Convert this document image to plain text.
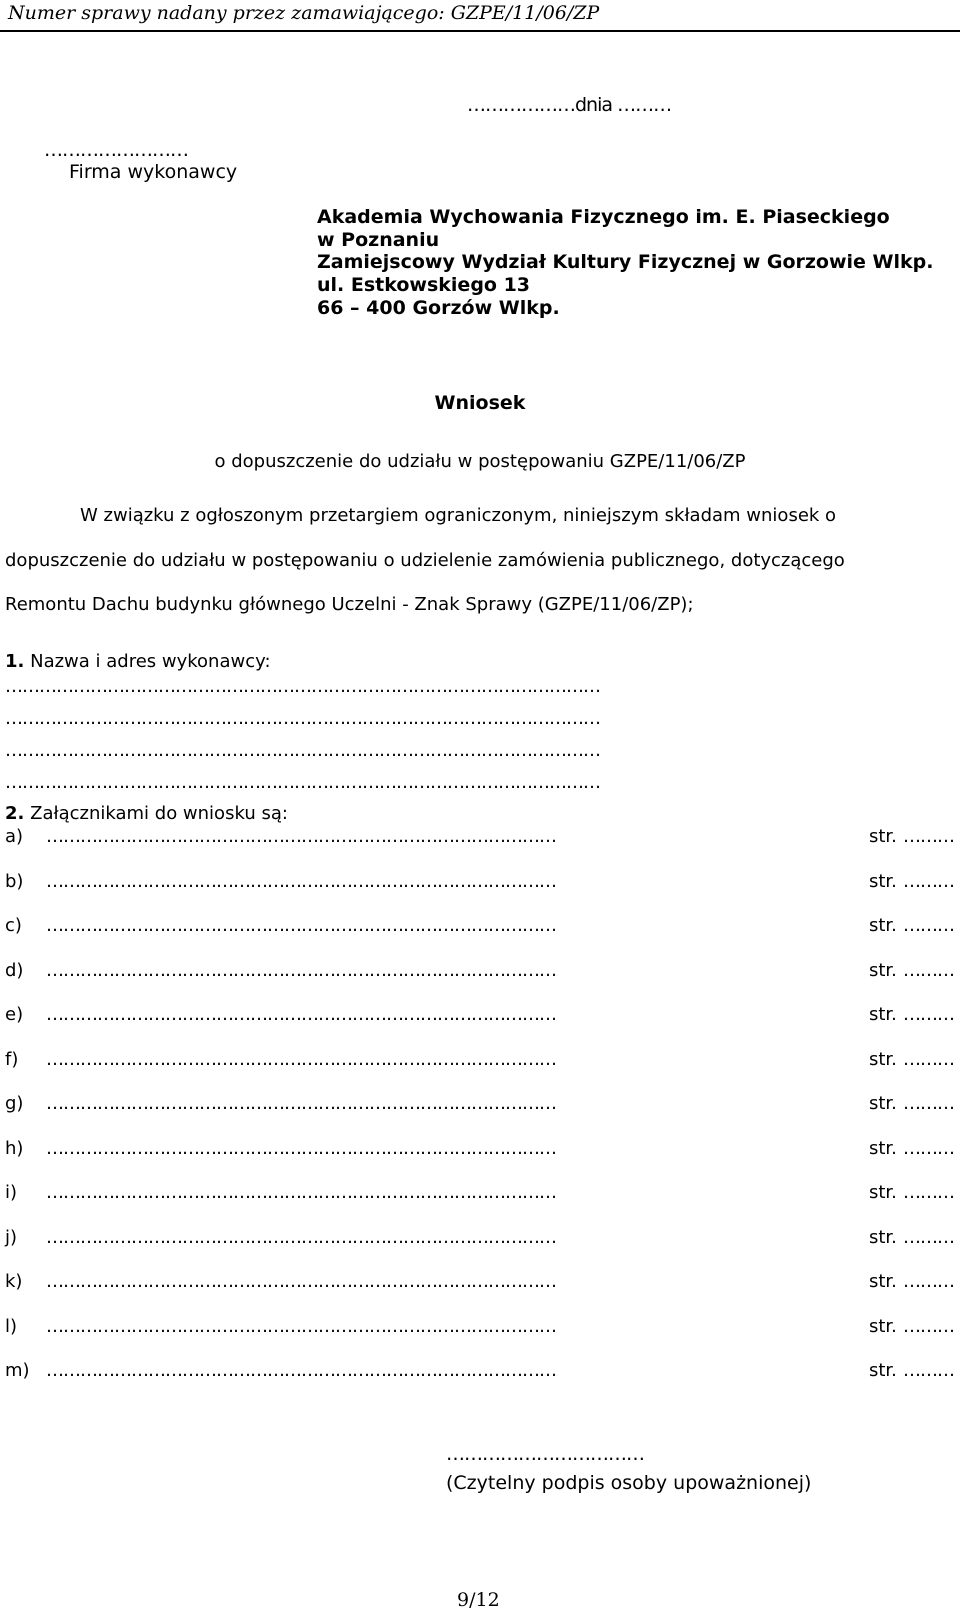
Numer sprawy nadany przez zamawiającego: GZPE/11/06/ZP
………………dnia ………
……………………
Firma wykonawcy
Akademia Wychowania Fizycznego im. E. Piaseckiego
w Poznaniu
Zamiejscowy Wydział Kultury Fizycznej w Gorzowie Wlkp.
ul. Estkowskiego 13
66 – 400 Gorzów Wlkp.
Wniosek
o dopuszczenie do udziału w postępowaniu GZPE/11/06/ZP
W związku z ogłoszonym przetargiem ograniczonym, niniejszym składam wniosek o
dopuszczenie do udziału w postępowaniu o udzielenie zamówienia publicznego, dotyczącego
Remontu Dachu budynku głównego Uczelni - Znak Sprawy (GZPE/11/06/ZP);
1. Nazwa i adres wykonawcy:
……………………………………………………………………………………………
……………………………………………………………………………………………
……………………………………………………………………………………………
……………………………………………………………………………………………
2. Załącznikami do wniosku są:
a) ………………………………………………………………………………	str. ………
b) ………………………………………………………………………………	str. ………
c) ………………………………………………………………………………	str. ………
d) ………………………………………………………………………………	str. ………
e) ………………………………………………………………………………	str. ………
f) ………………………………………………………………………………	str. ………
g) ………………………………………………………………………………	str. ………
h) ………………………………………………………………………………	str. ………
i) ………………………………………………………………………………	str. ………
j) ………………………………………………………………………………	str. ………
k) ………………………………………………………………………………	str. ………
l) ………………………………………………………………………………	str. ………
m) ………………………………………………………………………………	str. ………
……………………………
(Czytelny podpis osoby upoważnionej)
9/12
